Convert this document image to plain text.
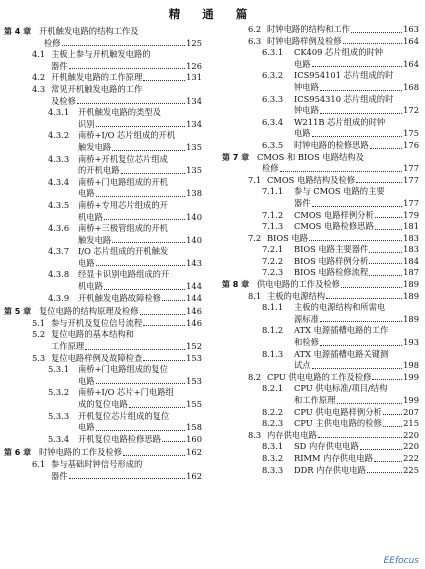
精 通 篇
第 4 章 开机触发电路的结构工作及
检修	125
4.1 主板上参与开机触发电路的
器件	126
4.2 开机触发电路的工作原理	131
4.3 常见开机触发电路的工作
及检修	134
4.3.1 开机触发电路的类型及
识别	134
4.3.2 南桥+I/O 芯片组成的开机
触发电路	135
4.3.3 南桥+开机复位芯片组成
的开机电路	135
4.3.4 南桥+门电路组成的开机
电路	138
4.3.5 南桥+专用芯片组成的开
机电路	140
4.3.6 南桥+三极管组成的开机
触发电路	140
4.3.7 I/O 芯片组成的开机触发
电路	143
4.3.8 经显卡识别电路组成的开
机电路	144
4.3.9 开机触发电路故障检修	144
第 5 章 复位电路的结构原理及检修	146
5.1 参与开机及复位信号流程	146
5.2 复位电路的基本结构和
工作原理	152
5.3 复位电路样例及故障检查	153
5.3.1 南桥+门电路组成的复位
电路	153
5.3.2 南桥+I/O 芯片+门电路组
成的复位电路	155
5.3.3 开机复位芯片组成的复位
电路	158
5.3.4 开机复位电路检修思路	160
第 6 章 时钟电路的工作及检修	162
6.1 参与基础时钟信号形成的
器件	162
6.2 时钟电路的结构和工作	163
6.3 时钟电路样例及检修	164
6.3.1 CK409 芯片组成的时钟
电路	164
6.3.2 ICS954101 芯片组成的时
钟电路	168
6.3.3 ICS954310 芯片组成的时
钟电路	172
6.3.4 W211B 芯片组成的时钟
电路	175
6.3.5 时钟电路的检修思路	176
第 7 章 CMOS 和 BIOS 电路结构及
检修	177
7.1 CMOS 电路结构及检修	177
7.1.1 参与 CMOS 电路的主要
器件	177
7.1.2 CMOS 电路样例分析	179
7.1.3 CMOS 电路检修思路	181
7.2 BIOS 电路	183
7.2.1 BIOS 电路主要器件	183
7.2.2 BIOS 电路样例分析	184
7.2.3 BIOS 电路检修流程	187
第 8 章 供电电路的工作及检修	189
8.1 主板的电源结构	189
8.1.1 主板的电源结构和所需电
源标准	189
8.1.2 ATX 电源插槽电路的工作
和检修	193
8.1.3 ATX 电源插槽电路关键测
试点	198
8.2 CPU 供电电路的工作及检修	199
8.2.1 CPU 供电标准/项目/结构
和工作原理	199
8.2.2 CPU 供电电路样例分析	207
8.2.3 CPU 主供电电路的检修	215
8.3 内存供电电路	220
8.3.1 SD 内存供电电路	220
8.3.2 RIMM 内存供电电路	222
8.3.3 DDR 内存供电电路	225
EEfocus
